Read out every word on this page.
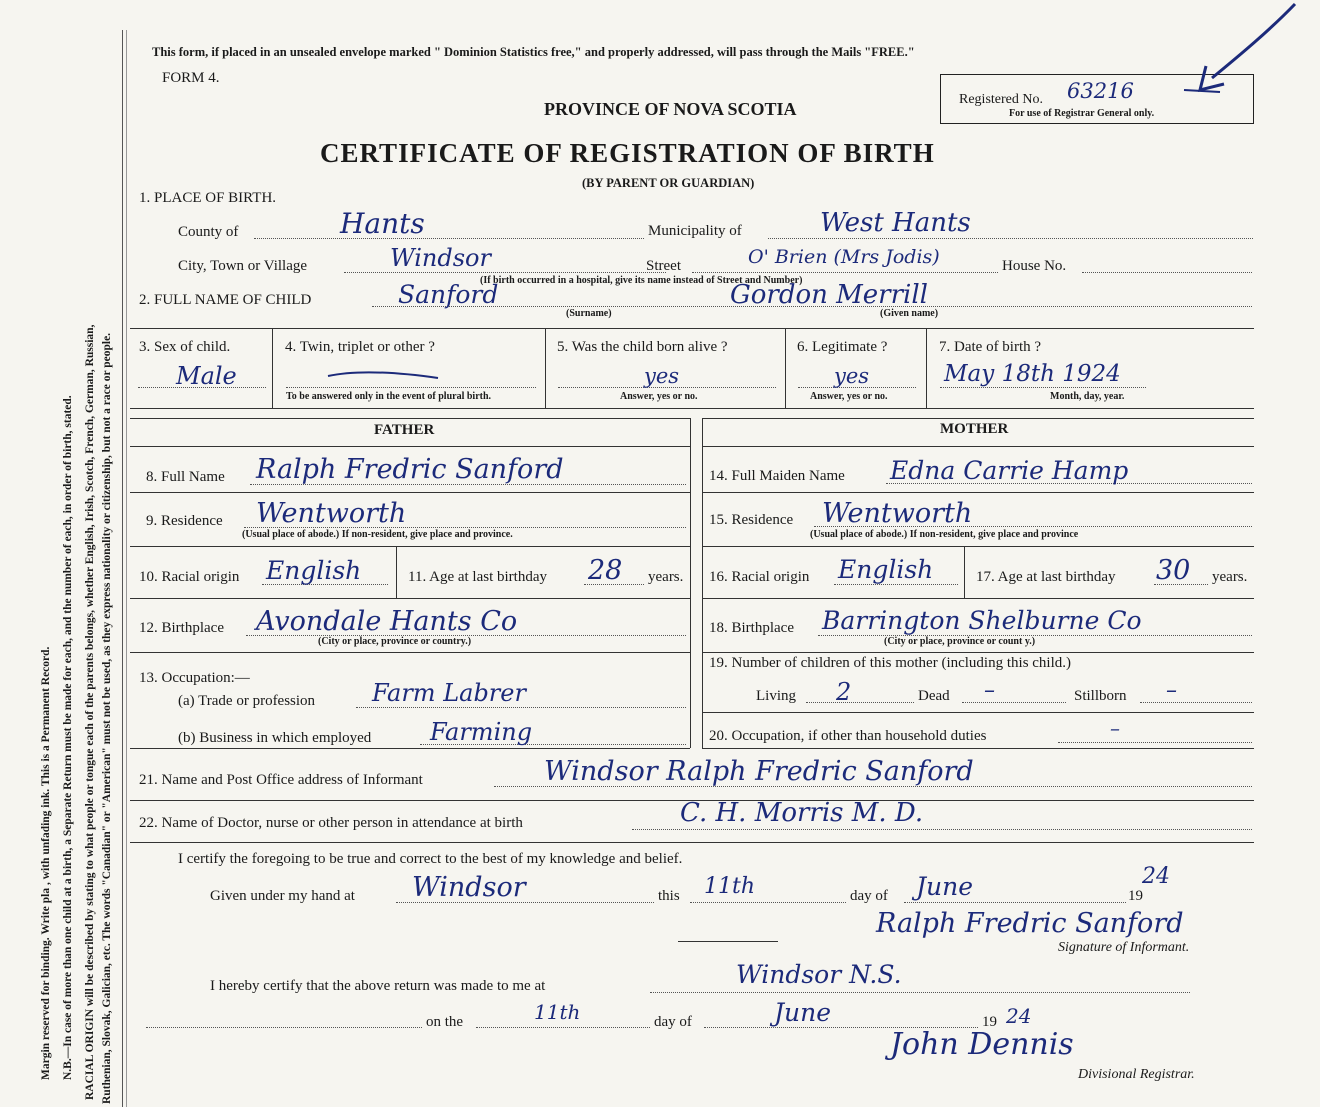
Margin reserved for binding. Write pla , with unfading ink. This is a Permanent Record. N.B.—In case of more than one child at a birth, a Separate Return must be made for each, and the number of each, in order of birth, stated. RACIAL ORIGIN will be described by stating to what people or tongue each of the parents belongs, whether English, Irish, Scotch, French, German, Russian, Ruthenian, Slovak, Galician, etc. The words "Canadian" or "American" must not be used, as they express nationality or citizenship, but not a race or people.
This form, if placed in an unsealed envelope marked " Dominion Statistics free," and properly addressed, will pass through the Mails "FREE."
FORM 4.
PROVINCE OF NOVA SCOTIA	Registered No. 63216
For use of Registrar General only.
CERTIFICATE OF REGISTRATION OF BIRTH
(BY PARENT OR GUARDIAN)
1. PLACE OF BIRTH.
County of	Hants	Municipality of	West Hants
City, Town or Village	Windsor	Street	O' Brien (Mrs Jodis)	House No.
(If birth occurred in a hospital, give its name instead of Street and Number)
2. FULL NAME OF CHILD	Sanford	Gordon Merrill
(Surname)	(Given name)
3. Sex of child.
Male
4. Twin, triplet or other ?
To be answered only in the event of plural birth.
5. Was the child born alive ?
yes
Answer, yes or no.
6. Legitimate ?
yes
Answer, yes or no.
7. Date of birth ?
May 18th 1924
Month, day, year.
FATHER	MOTHER
8. Full Name Ralph Fredric Sanford
9. Residence Wentworth
(Usual place of abode.) If non-resident, give place and province.
10. Racial origin English	11. Age at last birthday 28 years.
12. Birthplace Avondale Hants Co
(City or place, province or country.)
13. Occupation:—
(a) Trade or profession Farm Labrer
(b) Business in which employed Farming
14. Full Maiden Name Edna Carrie Hamp
15. Residence Wentworth
(Usual place of abode.) If non-resident, give place and province
16. Racial origin English	17. Age at last birthday 30 years.
18. Birthplace Barrington Shelburne Co
(City or place, province or count y.)
19. Number of children of this mother (including this child.)
Living 2	Dead –	Stillborn –
20. Occupation, if other than household duties	–
21. Name and Post Office address of Informant	Windsor Ralph Fredric Sanford
22. Name of Doctor, nurse or other person in attendance at birth	C. H. Morris M. D.
I certify the foregoing to be true and correct to the best of my knowledge and belief.
Given under my hand at Windsor	this 11th	day of June	19
24
Ralph Fredric Sanford
Signature of Informant.
I hereby certify that the above return was made to me at	Windsor N.S.
on the	11th	day of	June	19 24
John Dennis
Divisional Registrar.
